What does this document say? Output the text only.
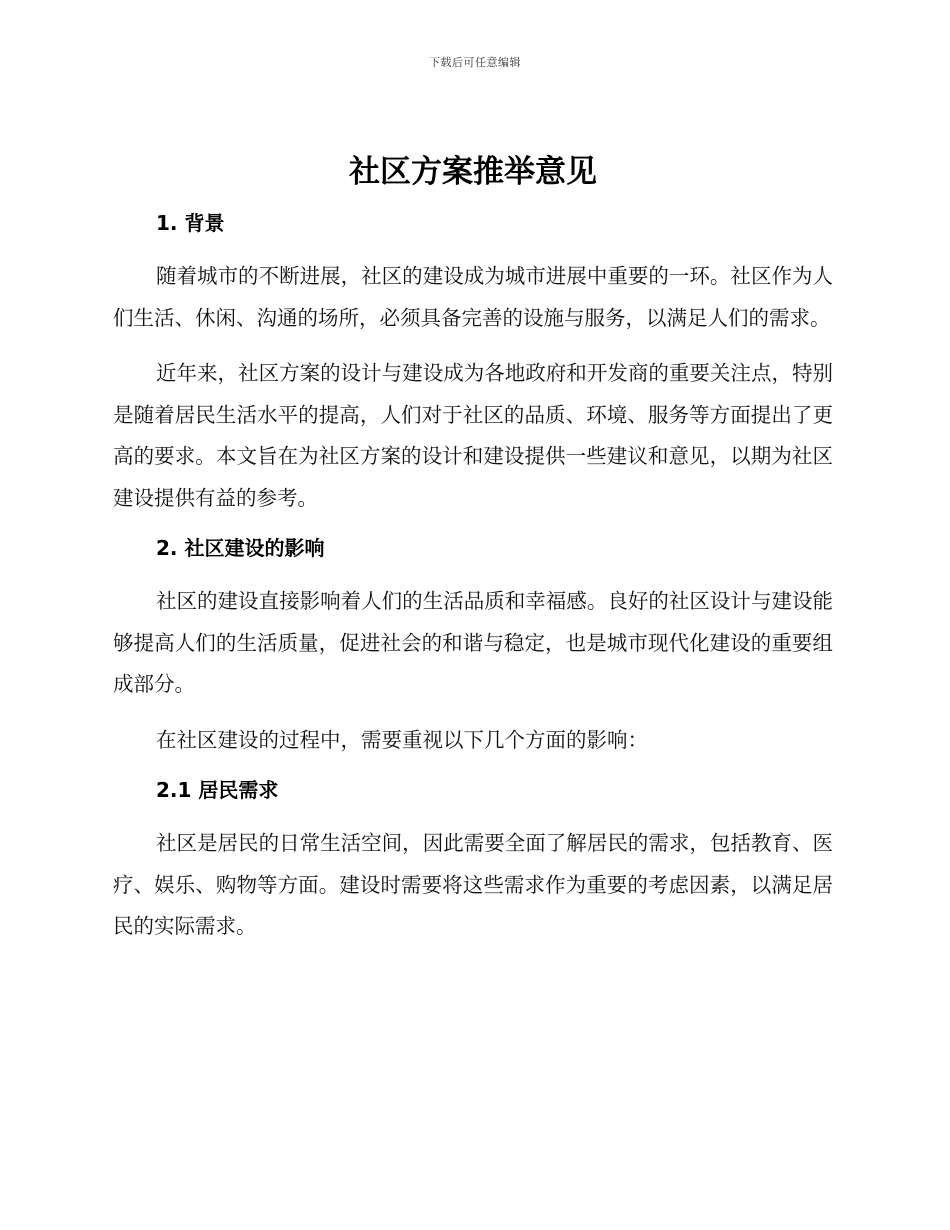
下载后可任意编辑
社区方案推举意见
1. 背景

随着城市的不断进展，社区的建设成为城市进展中重要的一环。社区作为人们生活、休闲、沟通的场所，必须具备完善的设施与服务，以满足人们的需求。

近年来，社区方案的设计与建设成为各地政府和开发商的重要关注点，特别是随着居民生活水平的提高，人们对于社区的品质、环境、服务等方面提出了更高的要求。本文旨在为社区方案的设计和建设提供一些建议和意见，以期为社区建设提供有益的参考。

2. 社区建设的影响

社区的建设直接影响着人们的生活品质和幸福感。良好的社区设计与建设能够提高人们的生活质量，促进社会的和谐与稳定，也是城市现代化建设的重要组成部分。

在社区建设的过程中，需要重视以下几个方面的影响：

2.1 居民需求

社区是居民的日常生活空间，因此需要全面了解居民的需求，包括教育、医疗、娱乐、购物等方面。建设时需要将这些需求作为重要的考虑因素，以满足居民的实际需求。
